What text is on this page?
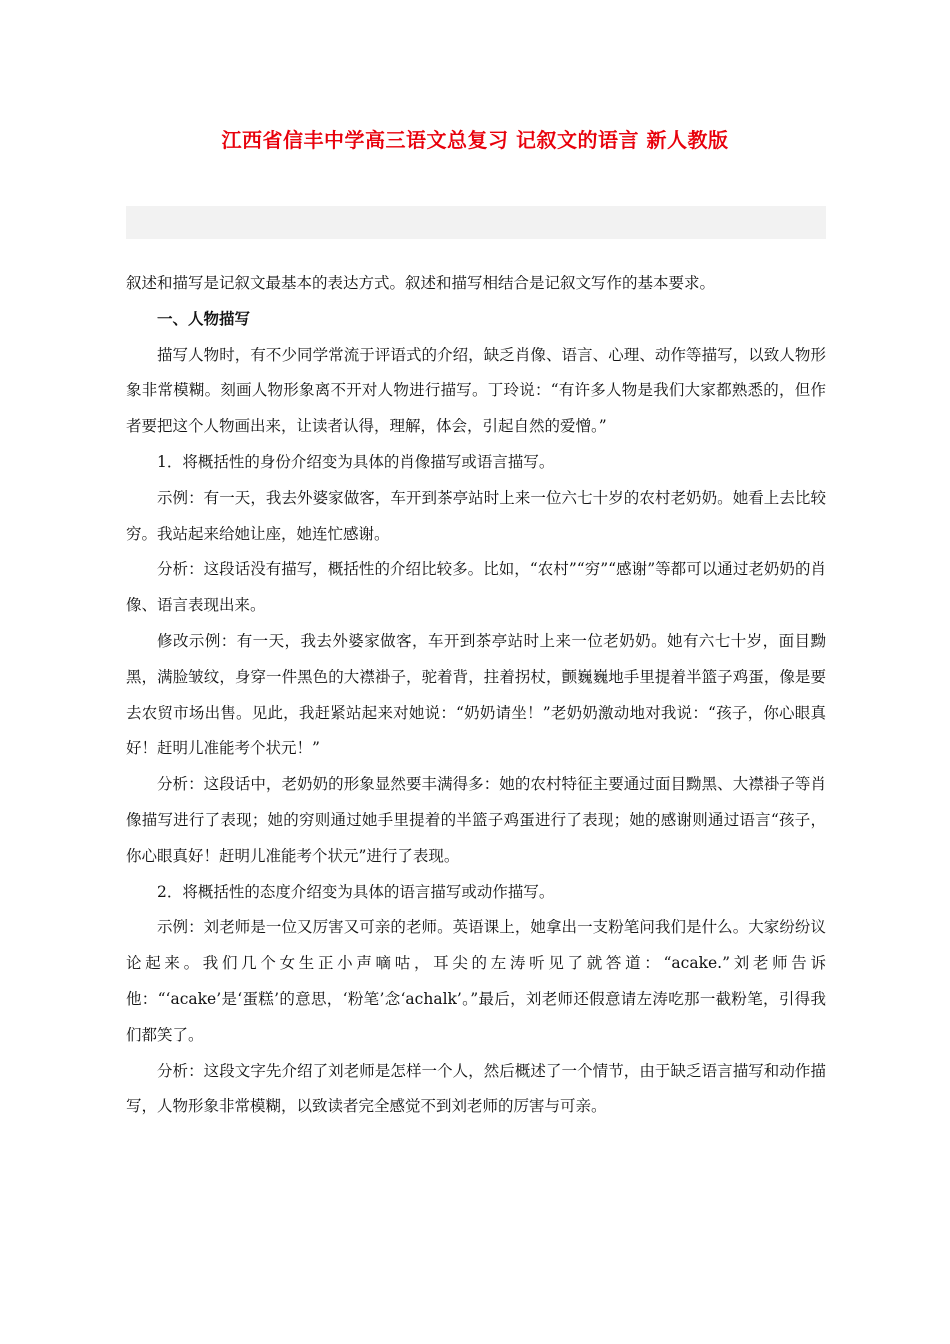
江西省信丰中学高三语文总复习 记叙文的语言 新人教版

叙述和描写是记叙文最基本的表达方式。叙述和描写相结合是记叙文写作的基本要求。

一、人物描写

描写人物时，有不少同学常流于评语式的介绍，缺乏肖像、语言、心理、动作等描写，以致人物形象非常模糊。刻画人物形象离不开对人物进行描写。丁玲说：“有许多人物是我们大家都熟悉的，但作者要把这个人物画出来，让读者认得，理解，体会，引起自然的爱憎。”

1．将概括性的身份介绍变为具体的肖像描写或语言描写。

示例：有一天，我去外婆家做客，车开到茶亭站时上来一位六七十岁的农村老奶奶。她看上去比较穷。我站起来给她让座，她连忙感谢。

分析：这段话没有描写，概括性的介绍比较多。比如，“农村”“穷”“感谢”等都可以通过老奶奶的肖像、语言表现出来。

修改示例：有一天，我去外婆家做客，车开到茶亭站时上来一位老奶奶。她有六七十岁，面目黝黑，满脸皱纹，身穿一件黑色的大襟褂子，驼着背，拄着拐杖，颤巍巍地手里提着半篮子鸡蛋，像是要去农贸市场出售。见此，我赶紧站起来对她说：“奶奶请坐！”老奶奶激动地对我说：“孩子，你心眼真好！赶明儿准能考个状元！”

分析：这段话中，老奶奶的形象显然要丰满得多：她的农村特征主要通过面目黝黑、大襟褂子等肖像描写进行了表现；她的穷则通过她手里提着的半篮子鸡蛋进行了表现；她的感谢则通过语言“孩子，你心眼真好！赶明儿准能考个状元”进行了表现。

2．将概括性的态度介绍变为具体的语言描写或动作描写。

示例：刘老师是一位又厉害又可亲的老师。英语课上，她拿出一支粉笔问我们是什么。大家纷纷议论起来。我们几个女生正小声嘀咕，耳尖的左涛听见了就答道：“acake.”刘老师告诉他：“‘acake’是‘蛋糕’的意思，‘粉笔’念‘achalk’。”最后，刘老师还假意请左涛吃那一截粉笔，引得我们都笑了。

分析：这段文字先介绍了刘老师是怎样一个人，然后概述了一个情节，由于缺乏语言描写和动作描写，人物形象非常模糊，以致读者完全感觉不到刘老师的厉害与可亲。
